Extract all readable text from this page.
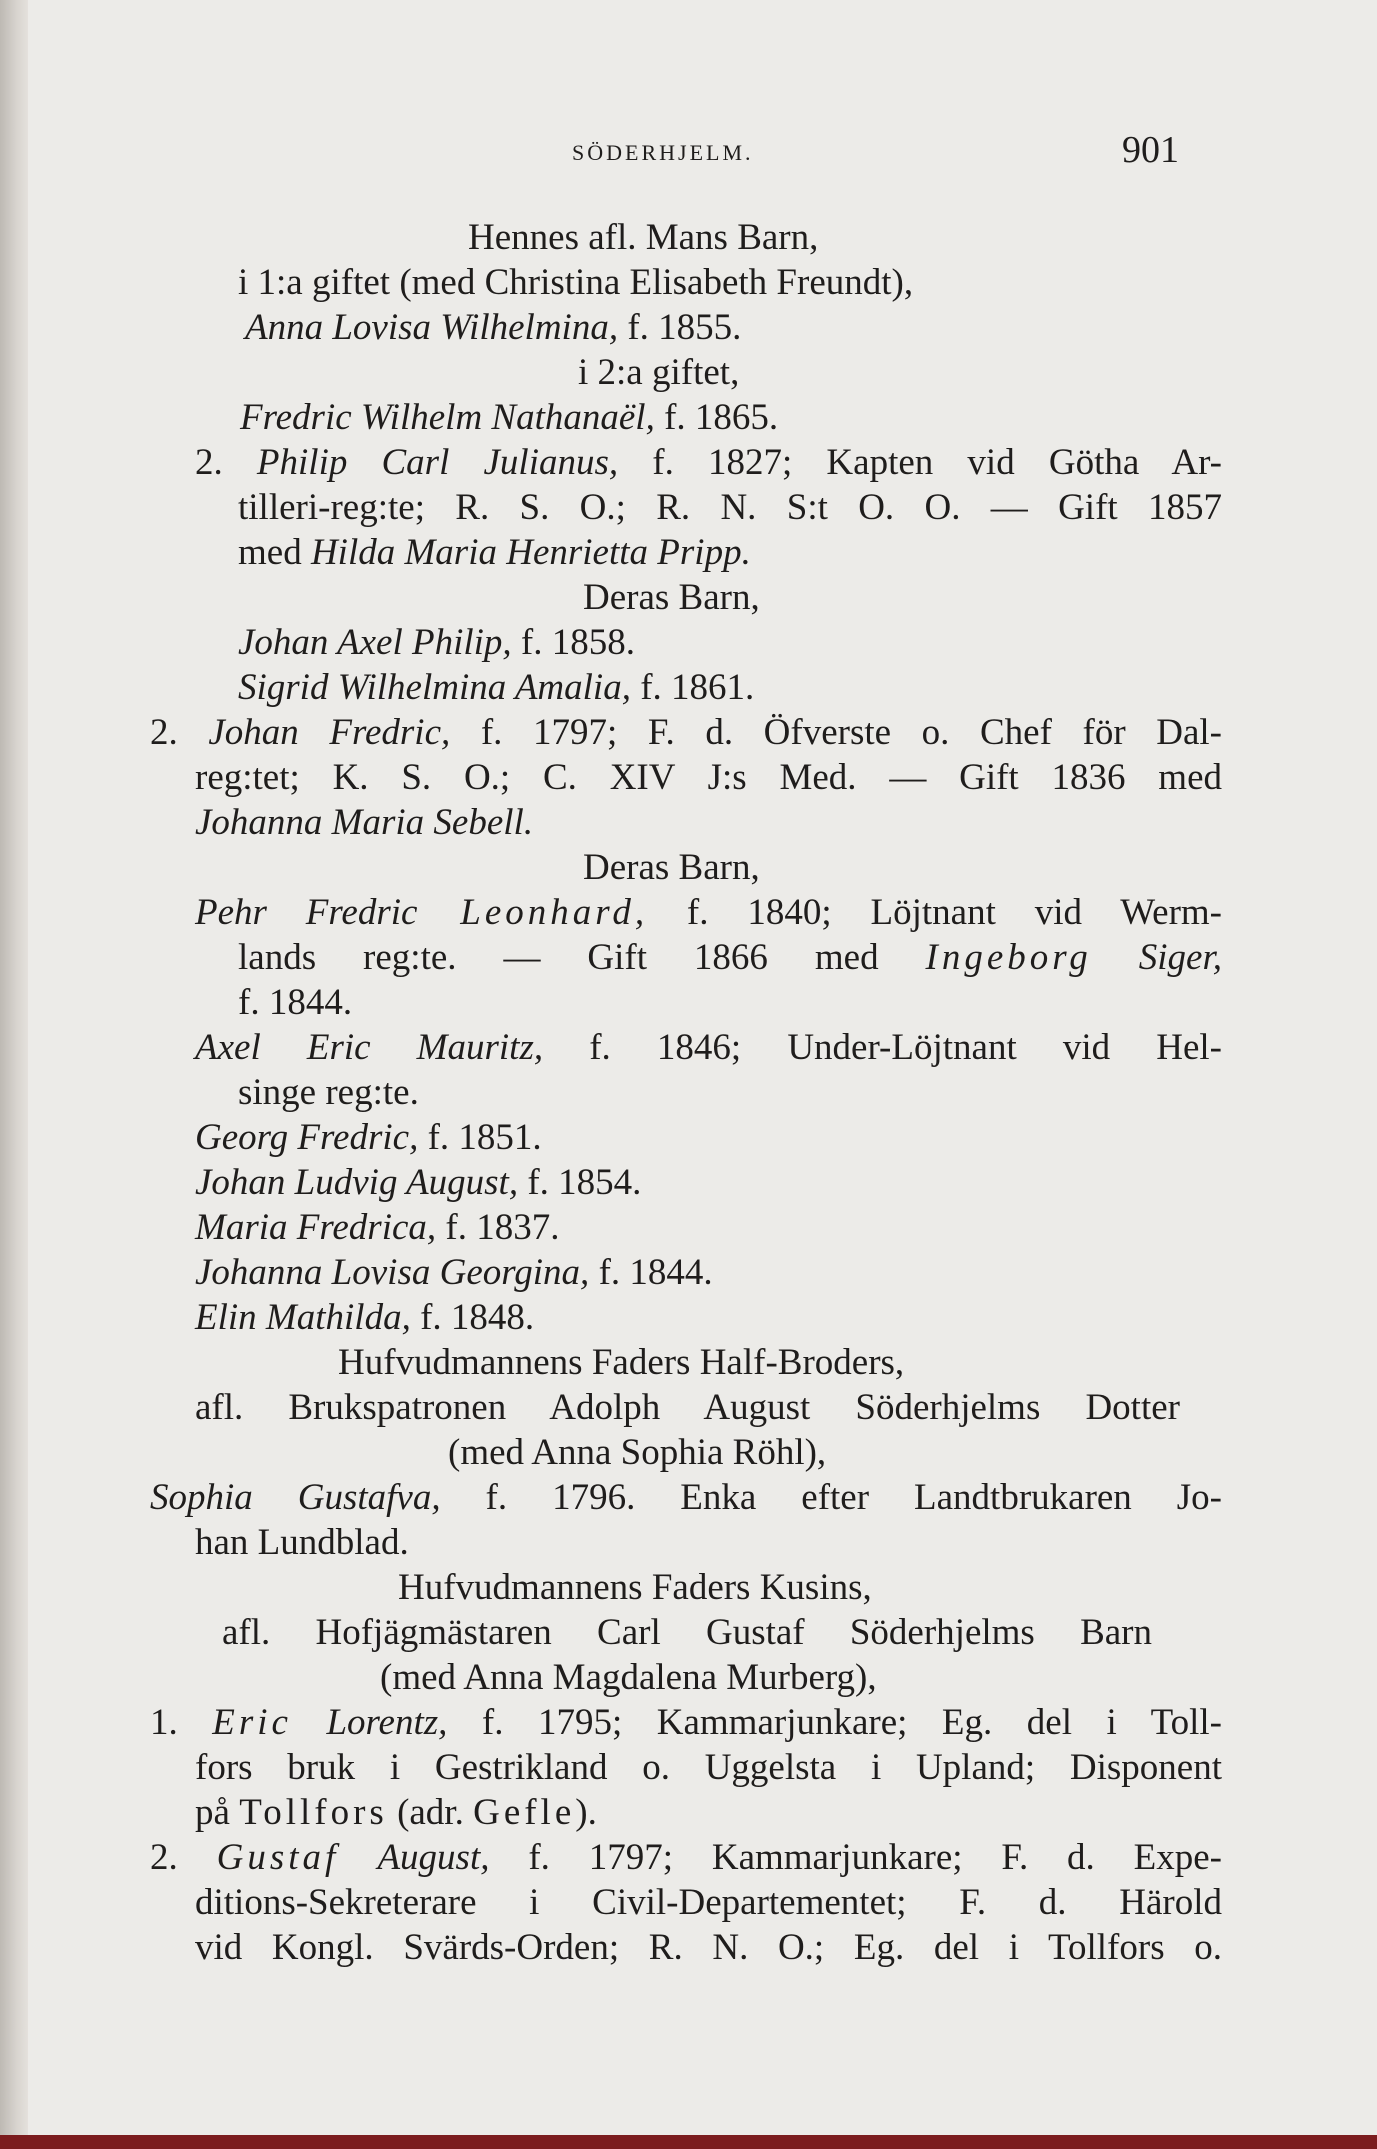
SÖDERHJELM.	901
Hennes afl. Mans Barn,
i 1:a giftet (med Christina Elisabeth Freundt),
Anna Lovisa Wilhelmina, f. 1855.
i 2:a giftet,
Fredric Wilhelm Nathanaël, f. 1865.
2. Philip Carl Julianus, f. 1827; Kapten vid Götha Ar-
tilleri-reg:te; R. S. O.; R. N. S:t O. O. — Gift 1857
med Hilda Maria Henrietta Pripp.
Deras Barn,
Johan Axel Philip, f. 1858.
Sigrid Wilhelmina Amalia, f. 1861.
2. Johan Fredric, f. 1797; F. d. Öfverste o. Chef för Dal-
reg:tet; K. S. O.; C. XIV J:s Med. — Gift 1836 med
Johanna Maria Sebell.
Deras Barn,
Pehr Fredric Leonhard, f. 1840; Löjtnant vid Werm-
lands reg:te. — Gift 1866 med Ingeborg Siger,
f. 1844.
Axel Eric Mauritz, f. 1846; Under-Löjtnant vid Hel-
singe reg:te.
Georg Fredric, f. 1851.
Johan Ludvig August, f. 1854.
Maria Fredrica, f. 1837.
Johanna Lovisa Georgina, f. 1844.
Elin Mathilda, f. 1848.
Hufvudmannens Faders Half-Broders,
afl. Brukspatronen Adolph August Söderhjelms Dotter
(med Anna Sophia Röhl),
Sophia Gustafva, f. 1796. Enka efter Landtbrukaren Jo-
han Lundblad.
Hufvudmannens Faders Kusins,
afl. Hofjägmästaren Carl Gustaf Söderhjelms Barn
(med Anna Magdalena Murberg),
1. Eric Lorentz, f. 1795; Kammarjunkare; Eg. del i Toll-
fors bruk i Gestrikland o. Uggelsta i Upland; Disponent
på Tollfors (adr. Gefle).
2. Gustaf August, f. 1797; Kammarjunkare; F. d. Expe-
ditions-Sekreterare i Civil-Departementet; F. d. Härold
vid Kongl. Svärds-Orden; R. N. O.; Eg. del i Tollfors o.
